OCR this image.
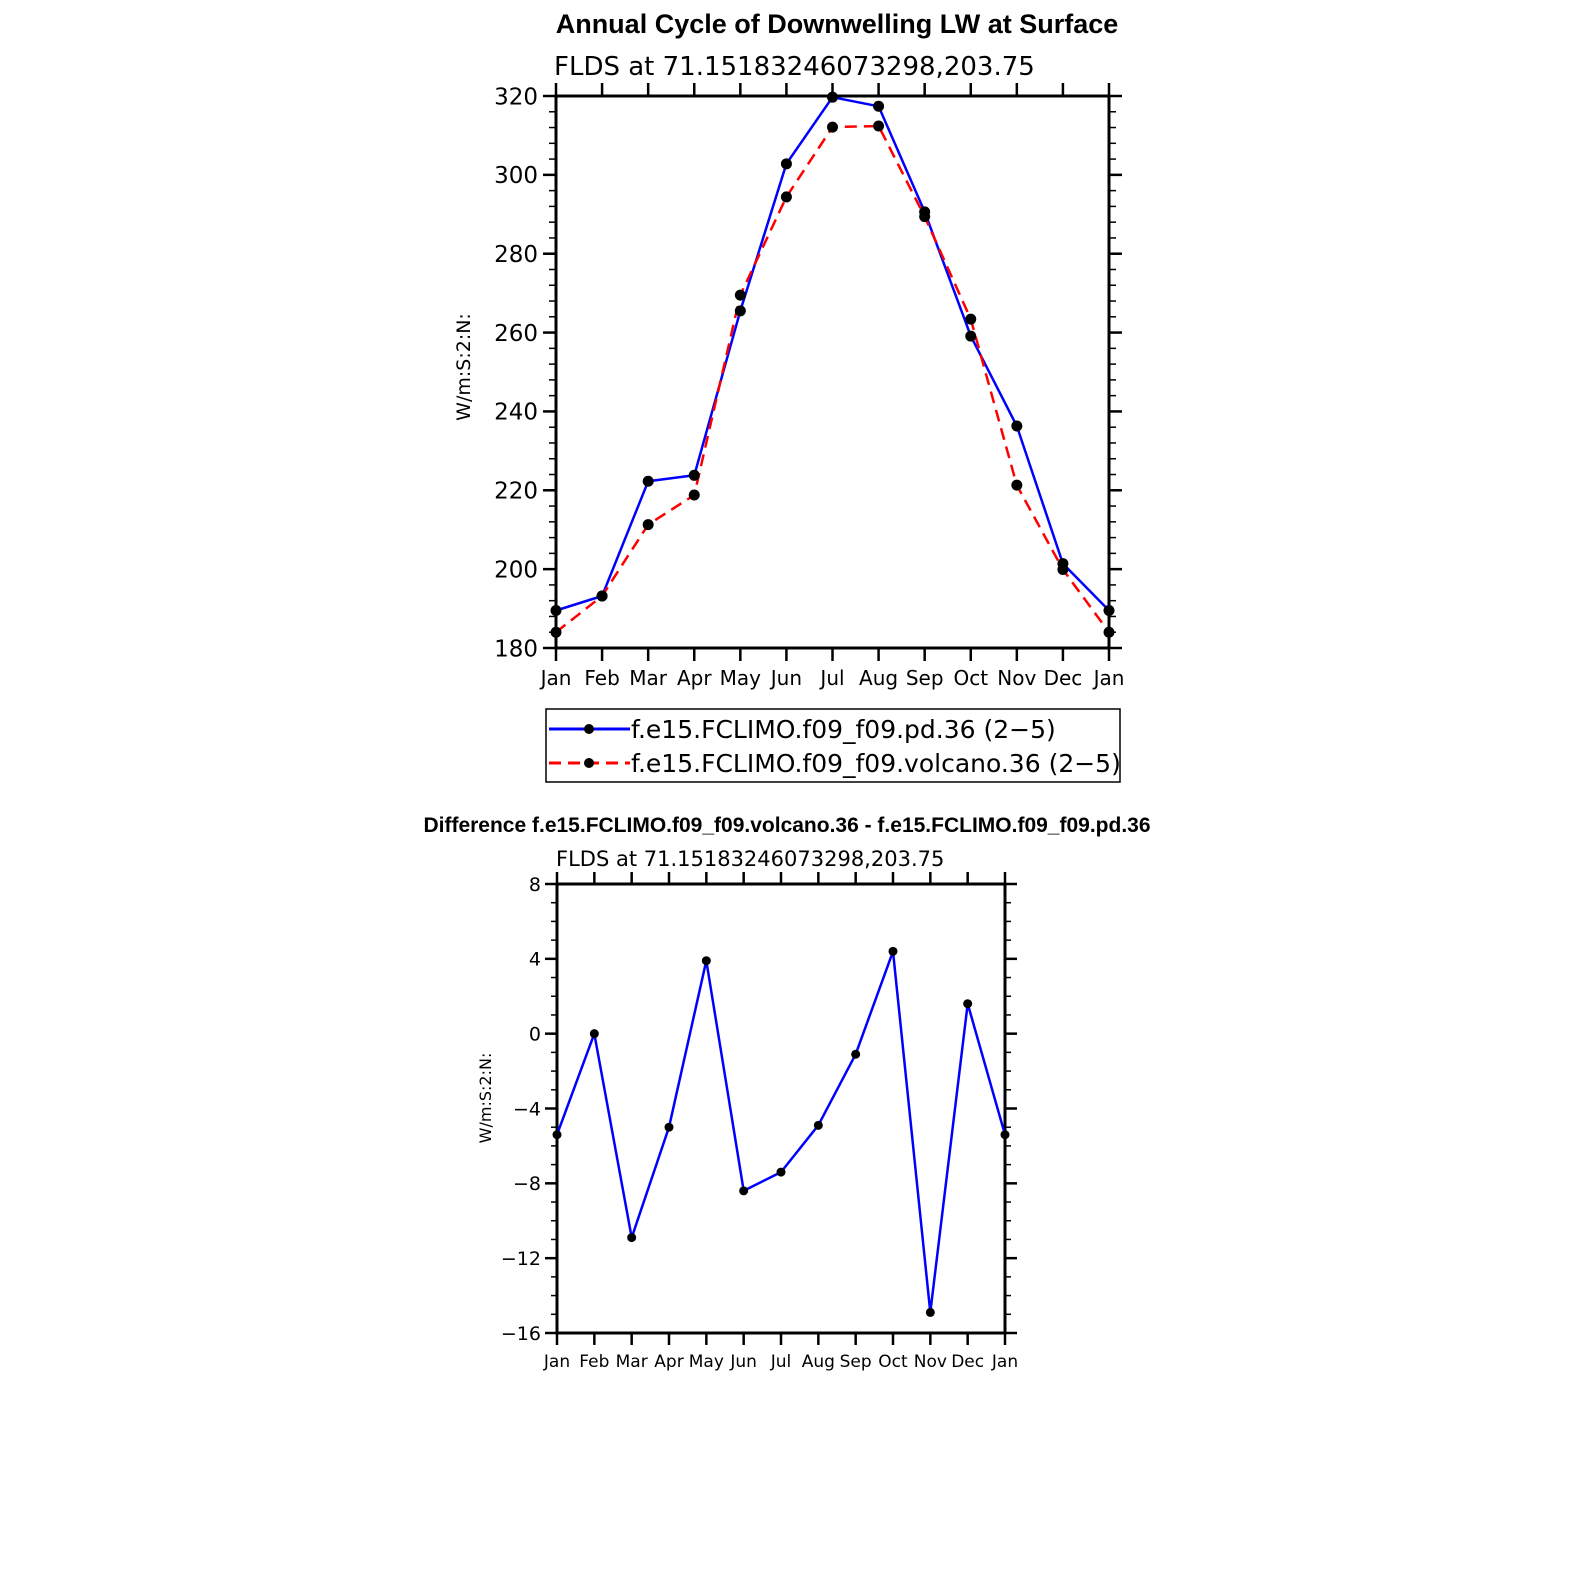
Annual Cycle of Downwelling LW at Surface
FLDS at 71.15183246073298,203.75
Jan Feb Mar Apr May Jun Jul Aug Sep Oct Nov Dec Jan
180
200
220
240
260
280
300
320
W/m:S:2:N:
f.e15.FCLIMO.f09_f09.pd.36 (2−5)
f.e15.FCLIMO.f09_f09.volcano.36 (2−5)
Difference f.e15.FCLIMO.f09_f09.volcano.36 - f.e15.FCLIMO.f09_f09.pd.36
FLDS at 71.15183246073298,203.75
Jan Feb Mar Apr May Jun Jul Aug Sep Oct Nov Dec Jan
−16
−12
−8
−4
0
4
8
W/m:S:2:N:
